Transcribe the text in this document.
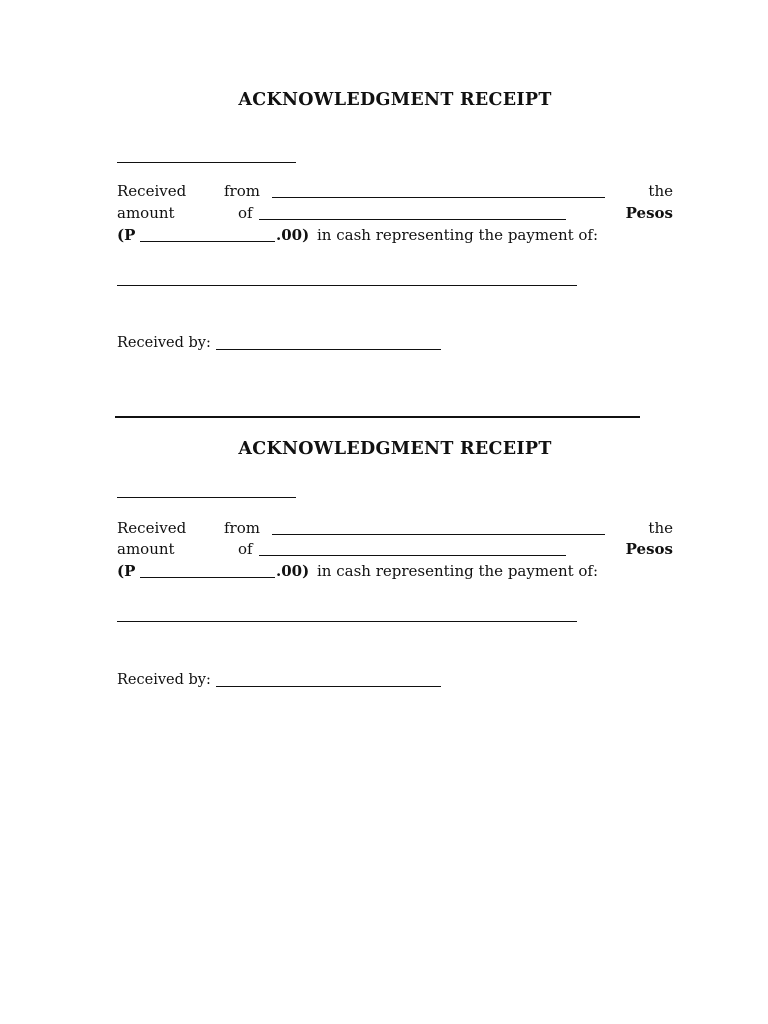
ACKNOWLEDGMENT RECEIPT
Received	from	the
amount	of	Pesos
(P	.00) in cash representing the payment of:
Received by:
ACKNOWLEDGMENT RECEIPT
Received	from	the
amount	of	Pesos
(P	.00) in cash representing the payment of:
Received by:
